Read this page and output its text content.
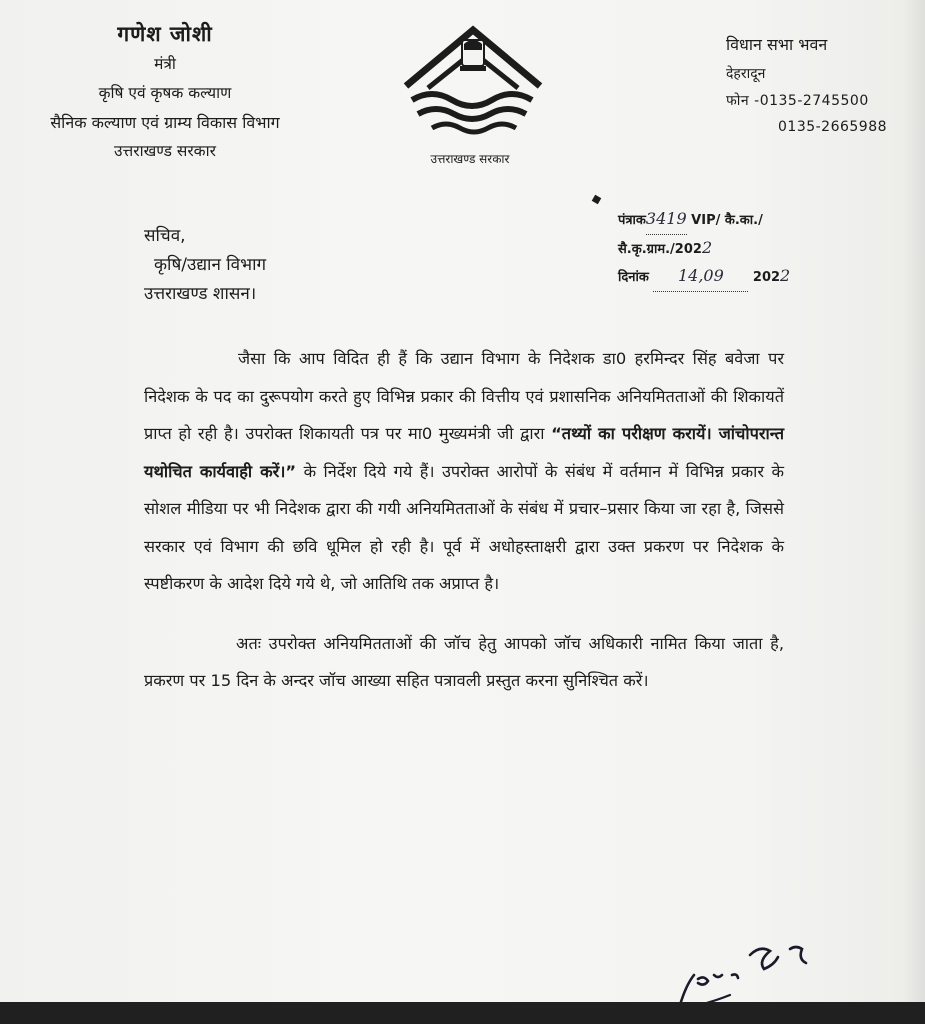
गणेश जोशी
मंत्री
कृषि एवं कृषक कल्याण
सैनिक कल्याण एवं ग्राम्य विकास विभाग
उत्तराखण्ड सरकार	उत्तराखण्ड सरकार
विधान सभा भवन
देहरादून
फोन -0135-2745500
0135-2665988
पंत्राक3419 VIP/ कै.का./
सै.कृ.ग्राम./2022
दिनांक 14,09 2022
सचिव,
कृषि/उद्यान विभाग
उत्तराखण्ड शासन।

जैसा कि आप विदित ही हैं कि उद्यान विभाग के निदेशक डा0 हरमिन्दर सिंह बवेजा पर निदेशक के पद का दुरूपयोग करते हुए विभिन्न प्रकार की वित्तीय एवं प्रशासनिक अनियमितताओं की शिकायतें प्राप्त हो रही है। उपरोक्त शिकायती पत्र पर मा0 मुख्यमंत्री जी द्वारा “तथ्यों का परीक्षण करायें। जांचोपरान्त यथोचित कार्यवाही करें।” के निर्देश दिये गये हैं। उपरोक्त आरोपों के संबंध में वर्तमान में विभिन्न प्रकार के सोशल मीडिया पर भी निदेशक द्वारा की गयी अनियमितताओं के संबंध में प्रचार–प्रसार किया जा रहा है, जिससे सरकार एवं विभाग की छवि धूमिल हो रही है। पूर्व में अधोहस्ताक्षरी द्वारा उक्त प्रकरण पर निदेशक के स्पष्टीकरण के आदेश दिये गये थे, जो आतिथि तक अप्राप्त है।

अतः उपरोक्त अनियमितताओं की जॉच हेतु आपको जॉच अधिकारी नामित किया जाता है, प्रकरण पर 15 दिन के अन्दर जॉच आख्या सहित पत्रावली प्रस्तुत करना सुनिश्चित करें।
